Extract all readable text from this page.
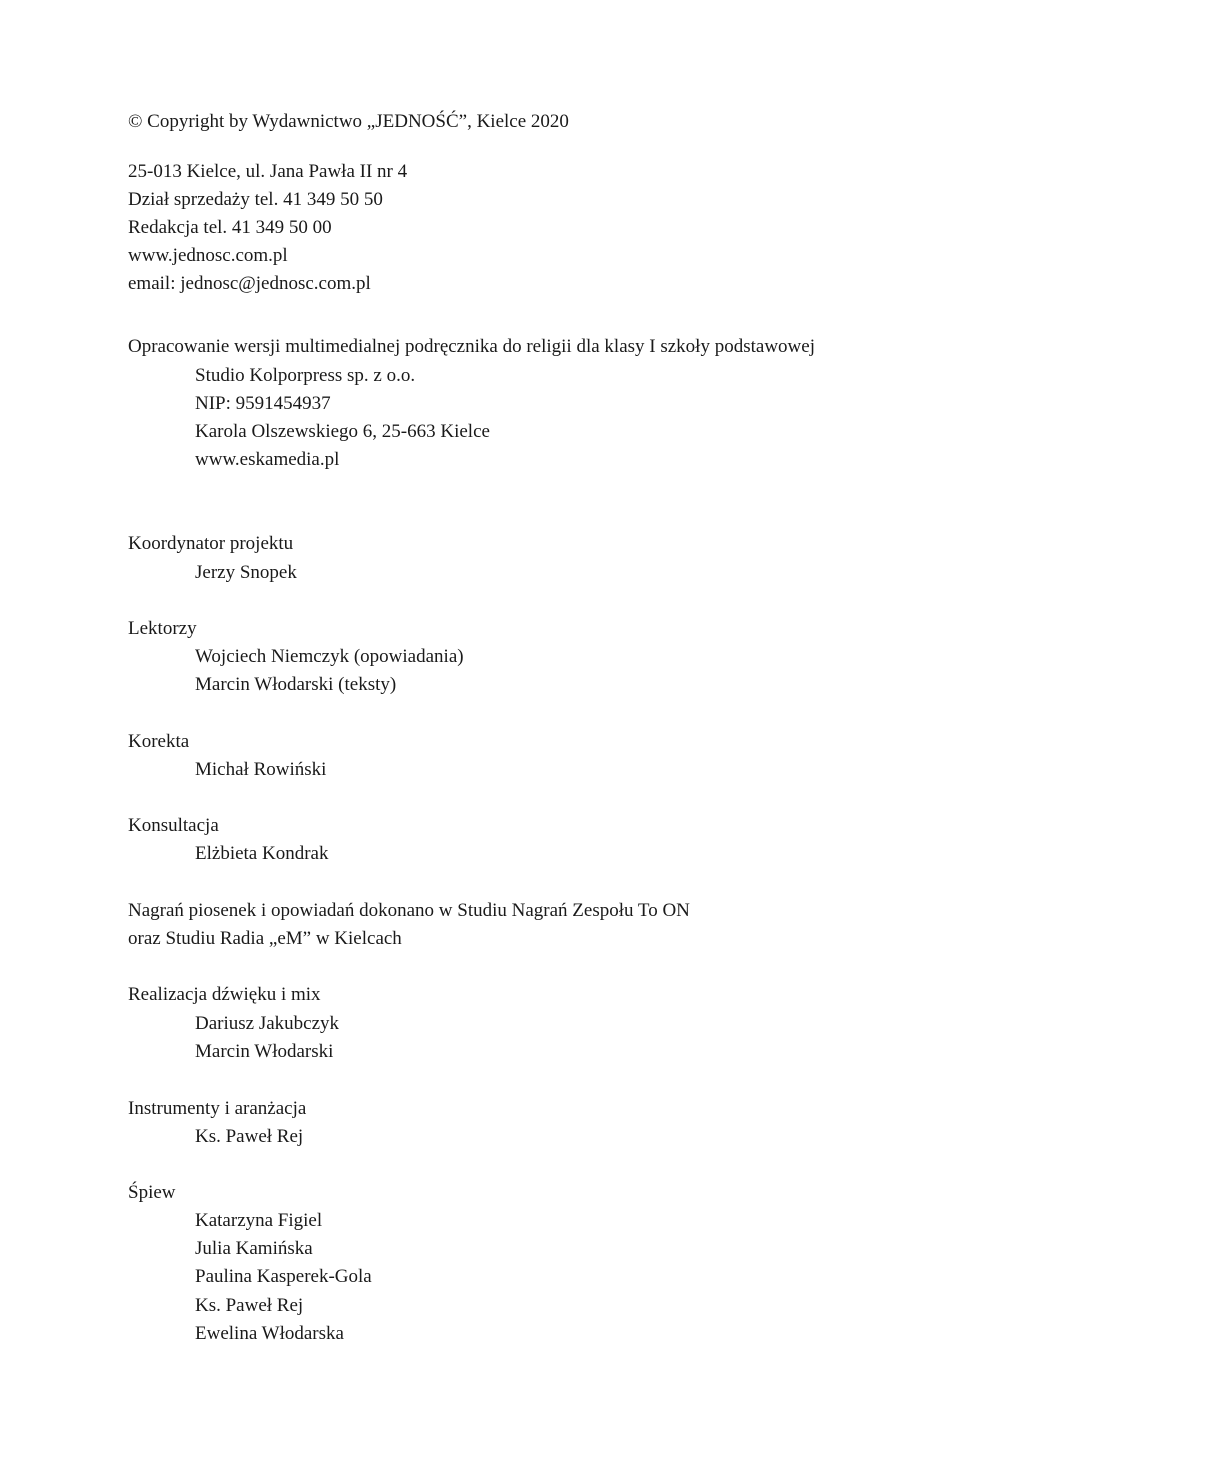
© Copyright by Wydawnictwo „JEDNOŚĆ”, Kielce 2020
25-013 Kielce, ul. Jana Pawła II nr 4
Dział sprzedaży tel. 41 349 50 50
Redakcja tel. 41 349 50 00
www.jednosc.com.pl
email: jednosc@jednosc.com.pl
Opracowanie wersji multimedialnej podręcznika do religii dla klasy I szkoły podstawowej
Studio Kolporpress sp. z o.o.
NIP: 9591454937
Karola Olszewskiego 6, 25-663 Kielce
www.eskamedia.pl
Koordynator projektu
Jerzy Snopek
Lektorzy
Wojciech Niemczyk (opowiadania)
Marcin Włodarski (teksty)
Korekta
Michał Rowiński
Konsultacja
Elżbieta Kondrak
Nagrań piosenek i opowiadań dokonano w Studiu Nagrań Zespołu To ON
oraz Studiu Radia „eM” w Kielcach
Realizacja dźwięku i mix
Dariusz Jakubczyk
Marcin Włodarski
Instrumenty i aranżacja
Ks. Paweł Rej
Śpiew
Katarzyna Figiel
Julia Kamińska
Paulina Kasperek-Gola
Ks. Paweł Rej
Ewelina Włodarska
